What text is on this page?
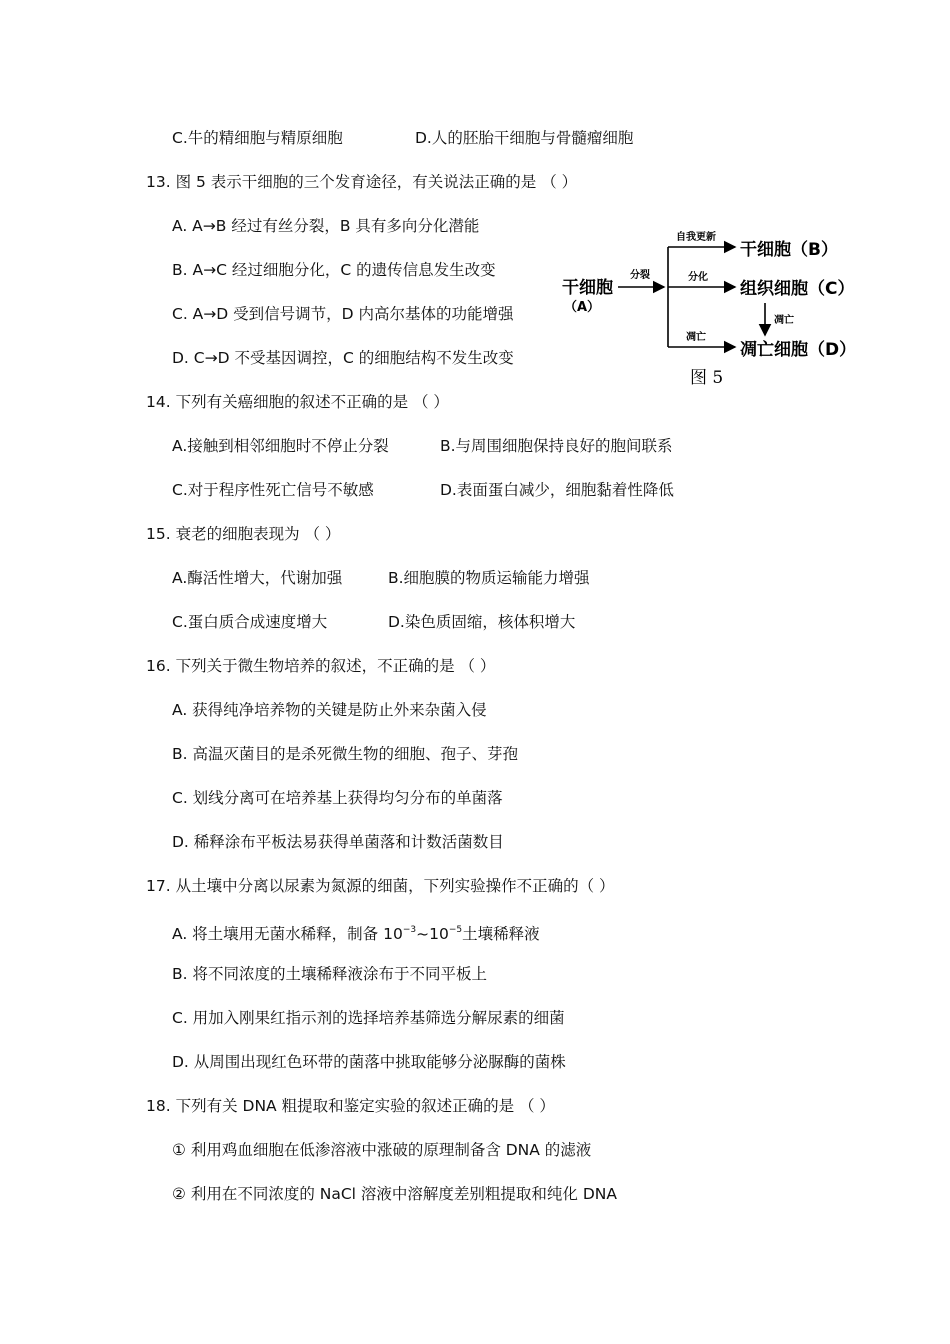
C.牛的精细胞与精原细胞	D.人的胚胎干细胞与骨髓瘤细胞
13. 图 5 表示干细胞的三个发育途径，有关说法正确的是 （ ）
A. A→B 经过有丝分裂，B 具有多向分化潜能
B. A→C 经过细胞分化，C 的遗传信息发生改变
C. A→D 受到信号调节，D 内高尔基体的功能增强
D. C→D 不受基因调控，C 的细胞结构不发生改变
干细胞
（A）
分裂
自我更新
干细胞（B）
分化
组织细胞（C）
凋亡
凋亡
凋亡细胞（D）
图 5
14. 下列有关癌细胞的叙述不正确的是 （ ）
A.接触到相邻细胞时不停止分裂	B.与周围细胞保持良好的胞间联系
C.对于程序性死亡信号不敏感	D.表面蛋白减少，细胞黏着性降低
15. 衰老的细胞表现为 （ ）
A.酶活性增大，代谢加强	B.细胞膜的物质运输能力增强
C.蛋白质合成速度增大	D.染色质固缩，核体积增大
16. 下列关于微生物培养的叙述，不正确的是 （ ）
A. 获得纯净培养物的关键是防止外来杂菌入侵
B. 高温灭菌目的是杀死微生物的细胞、孢子、芽孢
C. 划线分离可在培养基上获得均匀分布的单菌落
D. 稀释涂布平板法易获得单菌落和计数活菌数目
17. 从土壤中分离以尿素为氮源的细菌，下列实验操作不正确的（ ）
A. 将土壤用无菌水稀释，制备 $10^{-3}\sim 10^{-5}$土壤稀释液
B. 将不同浓度的土壤稀释液涂布于不同平板上
C. 用加入刚果红指示剂的选择培养基筛选分解尿素的细菌
D. 从周围出现红色环带的菌落中挑取能够分泌脲酶的菌株
18. 下列有关 DNA 粗提取和鉴定实验的叙述正确的是 （ ）
① 利用鸡血细胞在低渗溶液中涨破的原理制备含 DNA 的滤液
② 利用在不同浓度的 NaCl 溶液中溶解度差别粗提取和纯化 DNA
